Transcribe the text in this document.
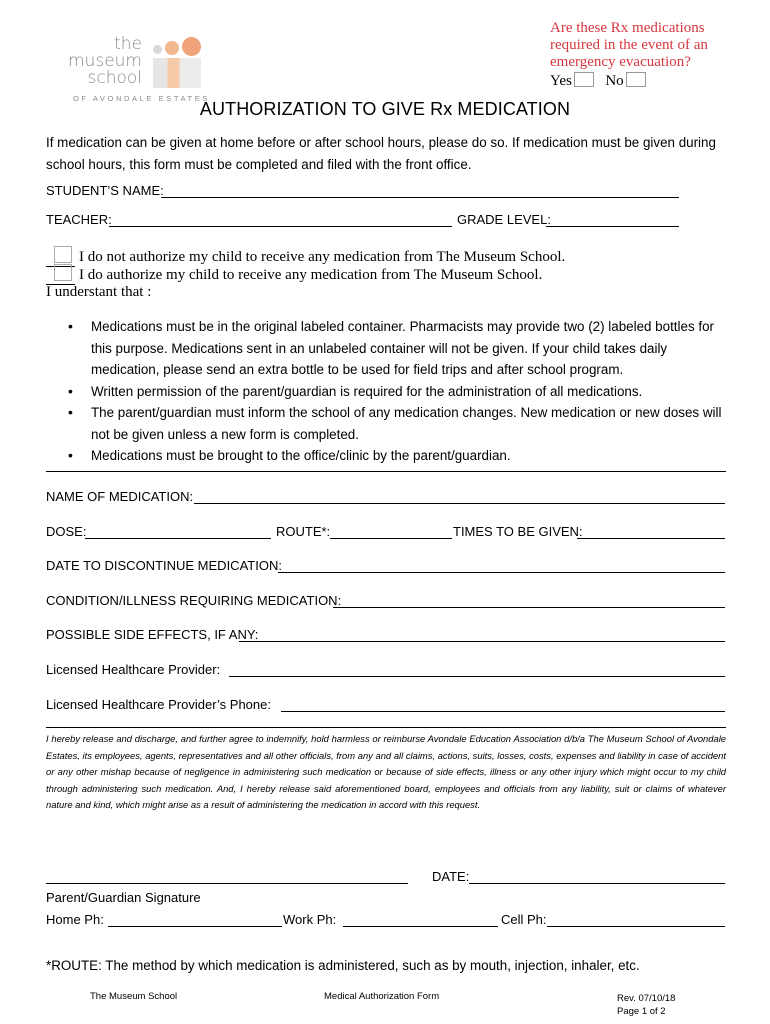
the
museum
school
OF AVONDALE ESTATES
Are these Rx medications required in the event of an emergency evacuation?
Yes No
AUTHORIZATION TO GIVE Rx MEDICATION
If medication can be given at home before or after school hours, please do so. If medication must be given during school hours, this form must be completed and filed with the front office.
STUDENT’S NAME:
TEACHER:	GRADE LEVEL:
I do not authorize my child to receive any medication from The Museum School.
I do authorize my child to receive any medication from The Museum School.
I understant that :
• Medications must be in the original labeled container. Pharmacists may provide two (2) labeled bottles for this purpose. Medications sent in an unlabeled container will not be given. If your child takes daily medication, please send an extra bottle to be used for field trips and after school program.
• Written permission of the parent/guardian is required for the administration of all medications.
• The parent/guardian must inform the school of any medication changes. New medication or new doses will not be given unless a new form is completed.
• Medications must be brought to the office/clinic by the parent/guardian.
NAME OF MEDICATION:
DOSE:	ROUTE*:	TIMES TO BE GIVEN:
DATE TO DISCONTINUE MEDICATION:
CONDITION/ILLNESS REQUIRING MEDICATION:
POSSIBLE SIDE EFFECTS, IF ANY:
Licensed Healthcare Provider:
Licensed Healthcare Provider’s Phone:
I hereby release and discharge, and further agree to indemnify, hold harmless or reimburse Avondale Education Association d/b/a The Museum School of Avondale Estates, its employees, agents, representatives and all other officials, from any and all claims, actions, suits, losses, costs, expenses and liability in case of accident or any other mishap because of negligence in administering such medication or because of side effects, illness or any other injury which might occur to my child through administering such medication. And, I hereby release said aforementioned board, employees and officials from any liability, suit or claims of whatever nature and kind, which might arise as a result of administering the medication in accord with this request.
DATE:
Parent/Guardian Signature
Home Ph:	Work Ph:	Cell Ph:
*ROUTE: The method by which medication is administered, such as by mouth, injection, inhaler, etc.
The Museum School	Medical Authorization Form	Rev. 07/10/18
Page 1 of 2
